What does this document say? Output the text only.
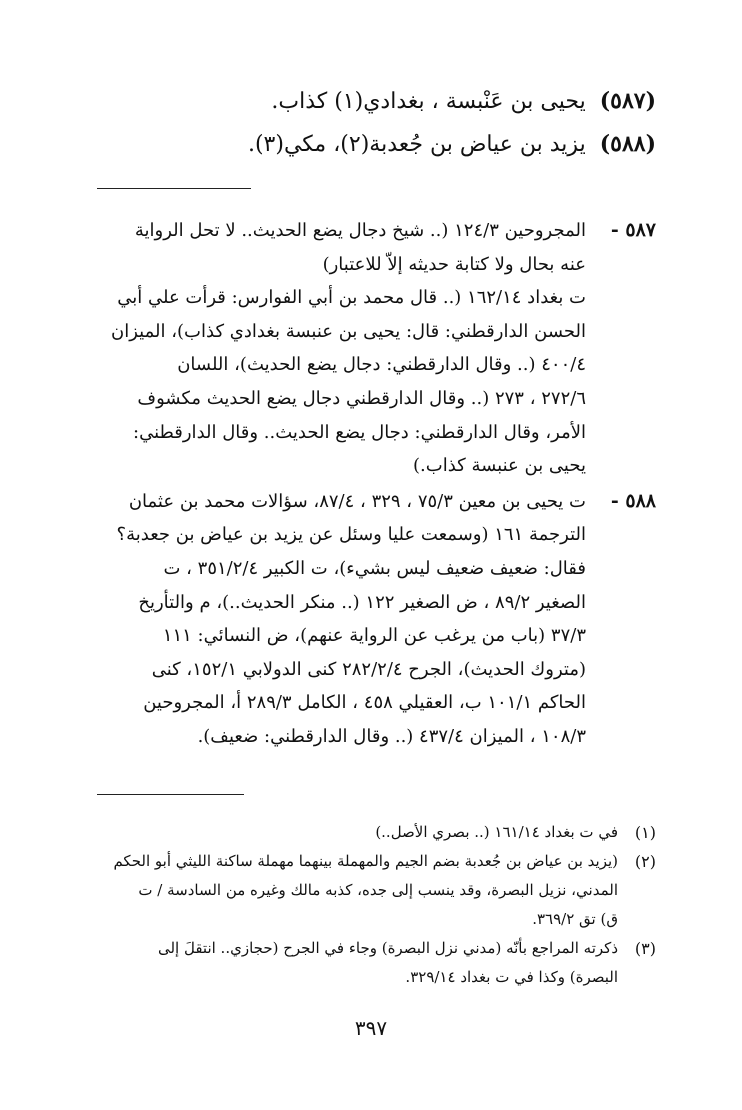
(٥٨٧)
يحيى بن عَنْبسة ، بغدادي(١) كذاب.
(٥٨٨)
يزيد بن عياض بن جُعدبة(٢)، مكي(٣).
٥٨٧ -
المجروحين ١٢٤/٣ (.. شيخ دجال يضع الحديث.. لا تحل الرواية
عنه بحال ولا كتابة حديثه إلاّ للاعتبار)
ت بغداد ١٦٢/١٤ (.. قال محمد بن أبي الفوارس: قرأت علي أبي
الحسن الدارقطني: قال: يحيى بن عنبسة بغدادي كذاب)، الميزان
٤٠٠/٤ (.. وقال الدارقطني: دجال يضع الحديث)، اللسان
٢٧٢/٦ ، ٢٧٣ (.. وقال الدارقطني دجال يضع الحديث مكشوف
الأمر، وقال الدارقطني: دجال يضع الحديث.. وقال الدارقطني:
يحيى بن عنبسة كذاب.)
٥٨٨ -
ت يحيى بن معين ٧٥/٣ ، ٣٢٩ ، ٨٧/٤، سؤالات محمد بن عثمان
الترجمة ١٦١ (وسمعت عليا وسئل عن يزيد بن عياض بن جعدبة؟
فقال: ضعيف ضعيف ليس بشيء)، ت الكبير ٣٥١/٢/٤ ، ت
الصغير ٨٩/٢ ، ض الصغير ١٢٢ (.. منكر الحديث..)، م والتأريخ
٣٧/٣ (باب من يرغب عن الرواية عنهم)، ض النسائي: ١١١
(متروك الحديث)، الجرح ٢٨٢/٢/٤ كنى الدولابي ١٥٢/١، كنى
الحاكم ١٠١/١ ب، العقيلي ٤٥٨ ، الكامل ٢٨٩/٣ أ، المجروحين
١٠٨/٣ ، الميزان ٤٣٧/٤ (.. وقال الدارقطني: ضعيف).
(١)
في ت بغداد ١٦١/١٤ (.. بصري الأصل..)
(٢)
(يزيد بن عياض بن جُعدبة بضم الجيم والمهملة بينهما مهملة ساكنة الليثي أبو الحكم
المدني، نزيل البصرة، وقد ينسب إلى جده، كذبه مالك وغيره من السادسة / ت
ق) تق ٣٦٩/٢.
(٣)
ذكرته المراجع بأنّه (مدني نزل البصرة) وجاء في الجرح (حجازي.. انتقلَ إلى
البصرة) وكذا في ت بغداد ٣٢٩/١٤.
٣٩٧
